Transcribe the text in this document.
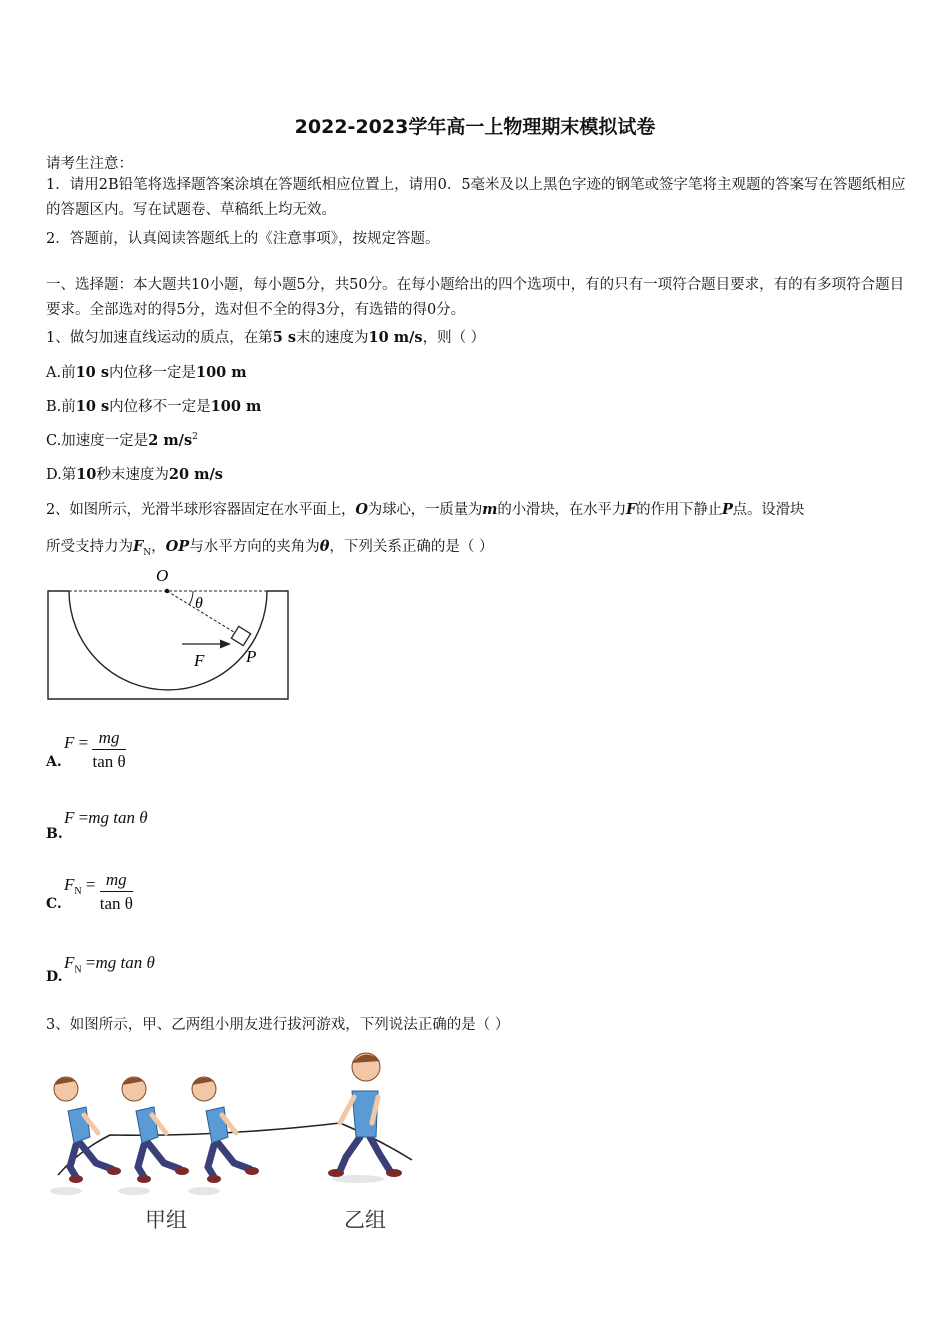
2022-2023学年高一上物理期末模拟试卷
请考生注意：
1．请用2B铅笔将选择题答案涂填在答题纸相应位置上，请用0．5毫米及以上黑色字迹的钢笔或签字笔将主观题的答案写在答题纸相应的答题区内。写在试题卷、草稿纸上均无效。
2．答题前，认真阅读答题纸上的《注意事项》，按规定答题。
一、选择题：本大题共10小题，每小题5分，共50分。在每小题给出的四个选项中，有的只有一项符合题目要求，有的有多项符合题目要求。全部选对的得5分，选对但不全的得3分，有选错的得0分。
1、做匀加速直线运动的质点，在第5 s末的速度为10 m/s，则（ ）
A.前10 s内位移一定是100 m
B.前10 s内位移不一定是100 m
C.加速度一定是2 $m/s^2$
D.第10秒末速度为20 m/s
2、如图所示，光滑半球形容器固定在水平面上，O为球心，一质量为m的小滑块，在水平力F的作用下静止P点。设滑块
所受支持力为$F_N$，OP与水平方向的夹角为θ，下列关系正确的是（ ）
O
θ
F P
A.
$F = \frac{mg}{\text{tan θ}}$
B.
F =mg tan θ
C.
$F_N = \frac{mg}{\text{tan θ}}$
D.
$F_N =mg$ tan θ
3、如图所示，甲、乙两组小朋友进行拔河游戏，下列说法正确的是（ ）
甲组	乙组
